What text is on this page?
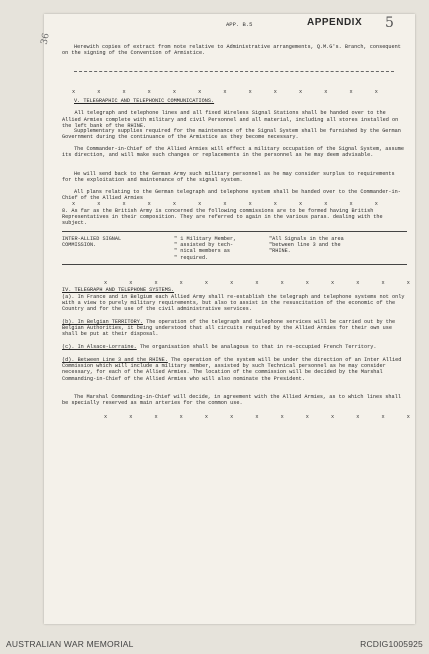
36
APP. B.5	APPENDIX 5
Herewith copies of extract from note relative to Administrative arrangements, Q.M.G's. Branch, consequent on the signing of the Convention of Armistice.
x x x x x x x x x x x x x
V. TELEGRAPHIC AND TELEPHONIC COMMUNICATIONS.

All telegraph and telephone lines and all fixed Wireless Signal Stations shall be handed over to the Allied Armies complete with military and civil Personnel and all material, including all stores installed on the left bank of the RHINE.

Supplementary supplies required for the maintenance of the Signal System shall be furnished by the German Government during the continuance of the Armistice as they become necessary.
The Commander-in-Chief of the Allied Armies will effect a military occupation of the Signal System, assume its direction, and will make such changes or replacements in the personnel as he may deem advisable.
He will send back to the German Army such military personnel as he may consider surplus to requirements for the exploitation and maintenance of the signal system.
All plans relating to the German telegraph and telephone system shall be handed over to the Commander-in-Chief of the Allied Armies
x x x x x x x x x x x x x
8. As far as the British Army is concerned the following commissions are to be formed having British Representatives in their composition. They are referred to again in the various paras. dealing with the subject.
INTER-ALLIED SIGNAL
COMMISSION.
" 1 Military Member,
" assisted by tech-
" nical members as
" required.
"All Signals in the area
"between line 3 and the
"RHINE.
x x x x x x x x x x x x x
IV. TELEGRAPH AND TELEPHONE SYSTEMS.
(a). In France and in Belgium each Allied Army shall re-establish the telegraph and telephone systems not only with a view to purely military requirements, but also to assist in the resuscitation of the economic of the Country and for the use of the civil administrative services.
(b). In Belgian TERRITORY. The operation of the telegraph and telephone services will be carried out by the Belgian Authorities, it being understood that all circuits required by the Allied Armies for their own use shall be put at their disposal.
(c). In Alsace-Lorraine. The organisation shall be analagous to that in re-occupied French Territory.
(d). Between Line 3 and the RHINE. The operation of the system will be under the direction of an Inter Allied Commission which will include a military member, assisted by such Technical personnel as he may consider necessary, for each of the Allied Armies. The location of the commission will be decided by the Marshal Commanding-in-Chief of the Allied Armies who will also nominate the President.
The Marshal Commanding-in-Chief will decide, in agreement with the Allied Armies, as to which lines shall be specially reserved as main arteries for the common use.
x x x x x x x x x x x x x
AUSTRALIAN WAR MEMORIAL	RCDIG1005925
